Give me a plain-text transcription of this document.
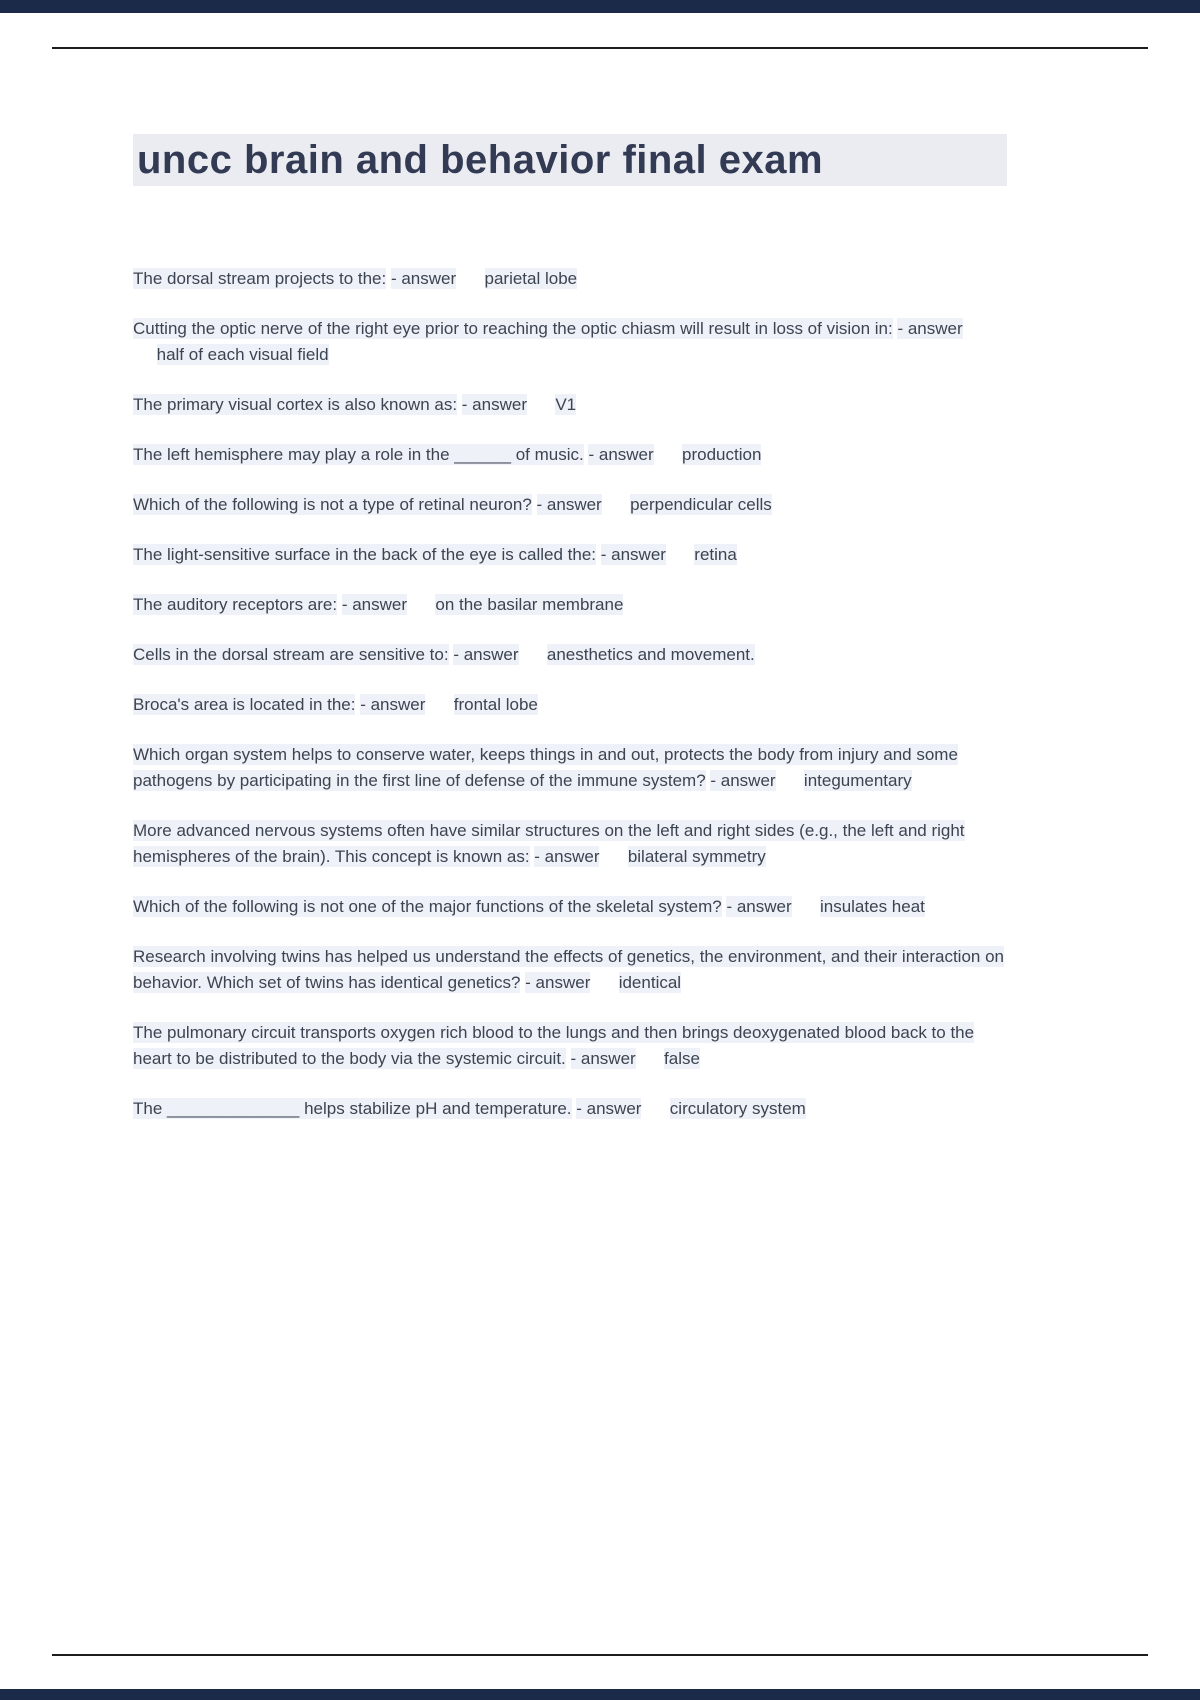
uncc brain and behavior final exam

The dorsal stream projects to the: - answer parietal lobe

Cutting the optic nerve of the right eye prior to reaching the optic chiasm will result in loss of vision in: - answer      half of each visual field

The primary visual cortex is also known as: - answer V1

The left hemisphere may play a role in the ______ of music. - answer production

Which of the following is not a type of retinal neuron? - answer perpendicular cells

The light-sensitive surface in the back of the eye is called the: - answer retina

The auditory receptors are: - answer on the basilar membrane

Cells in the dorsal stream are sensitive to: - answer anesthetics and movement.

Broca's area is located in the: - answer frontal lobe

Which organ system helps to conserve water, keeps things in and out, protects the body from injury and some pathogens by participating in the first line of defense of the immune system? - answer integumentary

More advanced nervous systems often have similar structures on the left and right sides (e.g., the left and right hemispheres of the brain). This concept is known as: - answer bilateral symmetry

Which of the following is not one of the major functions of the skeletal system? - answer insulates heat

Research involving twins has helped us understand the effects of genetics, the environment, and their interaction on behavior. Which set of twins has identical genetics? - answer identical

The pulmonary circuit transports oxygen rich blood to the lungs and then brings deoxygenated blood back to the heart to be distributed to the body via the systemic circuit. - answer false

The ______________ helps stabilize pH and temperature. - answer circulatory system
